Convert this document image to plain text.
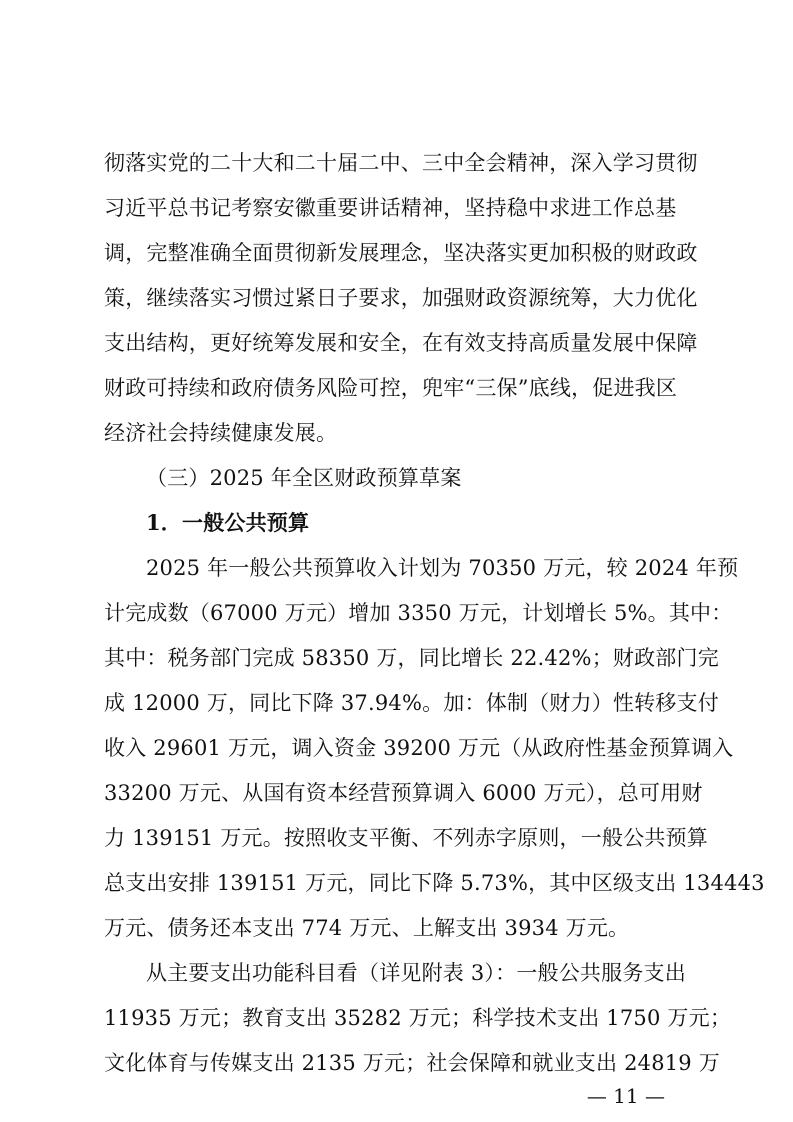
彻落实党的二十大和二十届二中、三中全会精神，深入学习贯彻
习近平总书记考察安徽重要讲话精神，坚持稳中求进工作总基
调，完整准确全面贯彻新发展理念，坚决落实更加积极的财政政
策，继续落实习惯过紧日子要求，加强财政资源统筹，大力优化
支出结构，更好统筹发展和安全，在有效支持高质量发展中保障
财政可持续和政府债务风险可控，兜牢“三保”底线，促进我区
经济社会持续健康发展。
（三）2025 年全区财政预算草案
1．一般公共预算
2025 年一般公共预算收入计划为 70350 万元，较 2024 年预
计完成数（67000 万元）增加 3350 万元，计划增长 5%。其中：
其中：税务部门完成 58350 万，同比增长 22.42%；财政部门完
成 12000 万，同比下降 37.94%。加：体制（财力）性转移支付
收入 29601 万元，调入资金 39200 万元（从政府性基金预算调入
33200 万元、从国有资本经营预算调入 6000 万元），总可用财
力 139151 万元。按照收支平衡、不列赤字原则，一般公共预算
总支出安排 139151 万元，同比下降 5.73%，其中区级支出 134443
万元、债务还本支出 774 万元、上解支出 3934 万元。
从主要支出功能科目看（详见附表 3）：一般公共服务支出
11935 万元；教育支出 35282 万元；科学技术支出 1750 万元；
文化体育与传媒支出 2135 万元；社会保障和就业支出 24819 万
— 11 —
